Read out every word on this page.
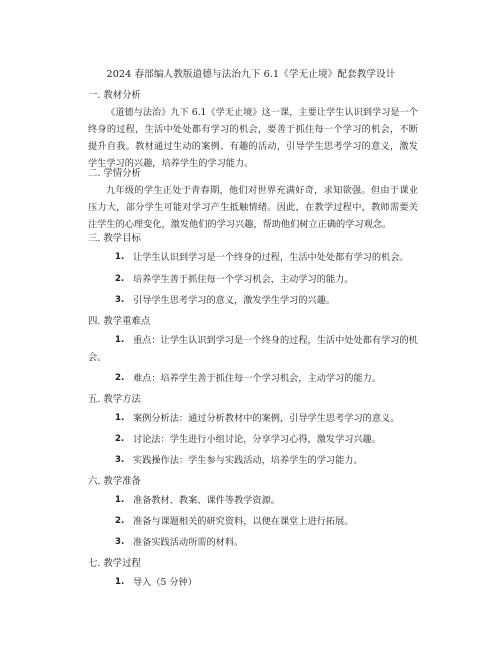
2024 春部编人教版道德与法治九下 6.1《学无止境》配套教学设计
一. 教材分析
《道德与法治》九下 6.1《学无止境》这一课，主要让学生认识到学习是一个终身的过程，生活中处处都有学习的机会，要善于抓住每一个学习的机会，不断提升自我。教材通过生动的案例、有趣的活动，引导学生思考学习的意义，激发学生学习的兴趣，培养学生的学习能力。
二. 学情分析
九年级的学生正处于青春期，他们对世界充满好奇，求知欲强。但由于课业压力大，部分学生可能对学习产生抵触情绪。因此，在教学过程中，教师需要关注学生的心理变化，激发他们的学习兴趣，帮助他们树立正确的学习观念。
三. 教学目标
1. 让学生认识到学习是一个终身的过程，生活中处处都有学习的机会。
2. 培养学生善于抓住每一个学习机会，主动学习的能力。
3. 引导学生思考学习的意义，激发学生学习的兴趣。
四. 教学重难点
1. 重点：让学生认识到学习是一个终身的过程，生活中处处都有学习的机会。
2. 难点：培养学生善于抓住每一个学习机会，主动学习的能力。
五. 教学方法
1. 案例分析法：通过分析教材中的案例，引导学生思考学习的意义。
2. 讨论法：学生进行小组讨论，分享学习心得，激发学习兴趣。
3. 实践操作法：学生参与实践活动，培养学生的学习能力。
六. 教学准备
1. 准备教材、教案、课件等教学资源。
2. 准备与课题相关的研究资料，以便在课堂上进行拓展。
3. 准备实践活动所需的材料。
七. 教学过程
1. 导入（5 分钟）
